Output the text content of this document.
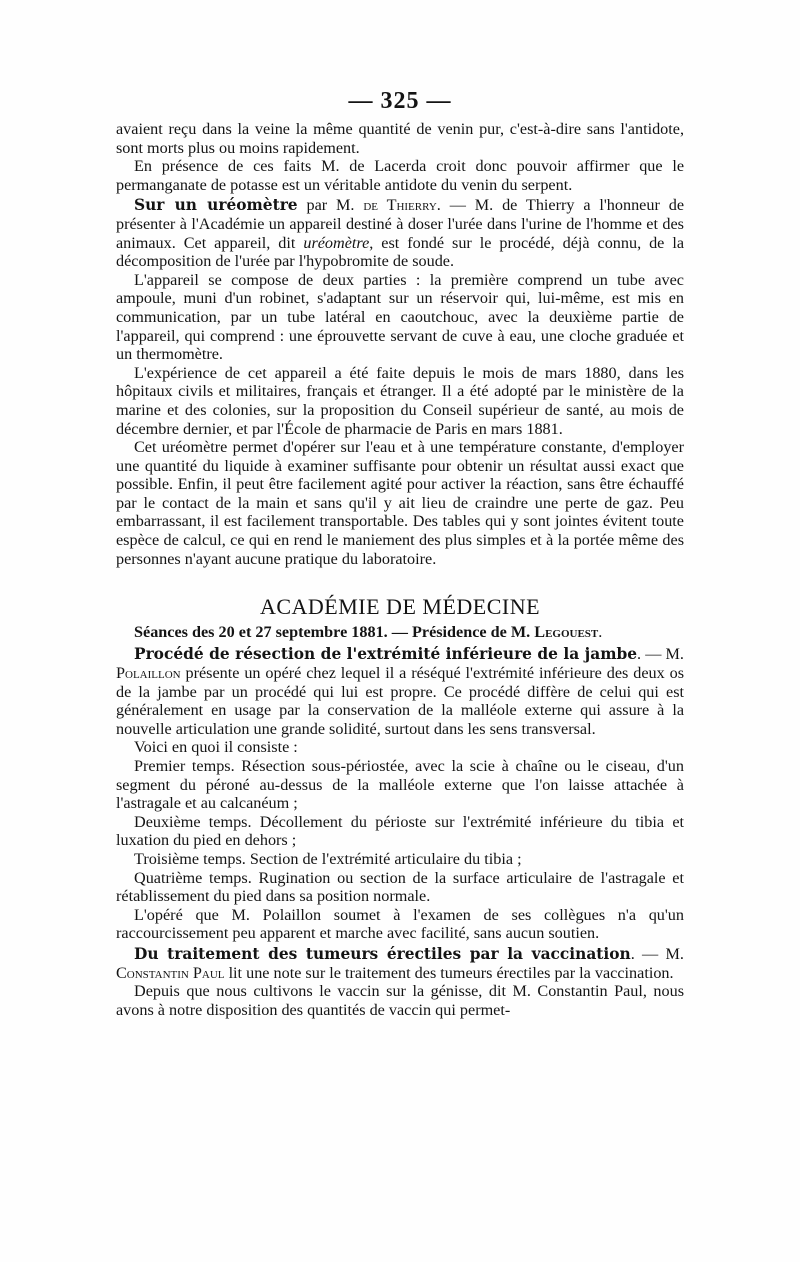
— 325 —

avaient reçu dans la veine la même quantité de venin pur, c'est-à-dire sans l'antidote, sont morts plus ou moins rapidement.

En présence de ces faits M. de Lacerda croit donc pouvoir affirmer que le permanganate de potasse est un véritable antidote du venin du serpent.

Sur un uréomètre par M. de Thierry. — M. de Thierry a l'honneur de présenter à l'Académie un appareil destiné à doser l'urée dans l'urine de l'homme et des animaux. Cet appareil, dit uréomètre, est fondé sur le procédé, déjà connu, de la décomposition de l'urée par l'hypobromite de soude.

L'appareil se compose de deux parties : la première comprend un tube avec ampoule, muni d'un robinet, s'adaptant sur un réservoir qui, lui-même, est mis en communication, par un tube latéral en caoutchouc, avec la deuxième partie de l'appareil, qui comprend : une éprouvette servant de cuve à eau, une cloche graduée et un thermomètre.

L'expérience de cet appareil a été faite depuis le mois de mars 1880, dans les hôpitaux civils et militaires, français et étranger. Il a été adopté par le ministère de la marine et des colonies, sur la proposition du Conseil supérieur de santé, au mois de décembre dernier, et par l'École de pharmacie de Paris en mars 1881.

Cet uréomètre permet d'opérer sur l'eau et à une température constante, d'employer une quantité du liquide à examiner suffisante pour obtenir un résultat aussi exact que possible. Enfin, il peut être facilement agité pour activer la réaction, sans être échauffé par le contact de la main et sans qu'il y ait lieu de craindre une perte de gaz. Peu embarrassant, il est facilement transportable. Des tables qui y sont jointes évitent toute espèce de calcul, ce qui en rend le maniement des plus simples et à la portée même des personnes n'ayant aucune pratique du laboratoire.

ACADÉMIE DE MÉDECINE

Séances des 20 et 27 septembre 1881. — Présidence de M. Legouest.

Procédé de résection de l'extrémité inférieure de la jambe. — M. Polaillon présente un opéré chez lequel il a réséqué l'extrémité inférieure des deux os de la jambe par un procédé qui lui est propre. Ce procédé diffère de celui qui est généralement en usage par la conservation de la malléole externe qui assure à la nouvelle articulation une grande solidité, surtout dans les sens transversal.

Voici en quoi il consiste :

Premier temps. Résection sous-périostée, avec la scie à chaîne ou le ciseau, d'un segment du péroné au-dessus de la malléole externe que l'on laisse attachée à l'astragale et au calcanéum ;

Deuxième temps. Décollement du périoste sur l'extrémité inférieure du tibia et luxation du pied en dehors ;

Troisième temps. Section de l'extrémité articulaire du tibia ;

Quatrième temps. Rugination ou section de la surface articulaire de l'astragale et rétablissement du pied dans sa position normale.

L'opéré que M. Polaillon soumet à l'examen de ses collègues n'a qu'un raccourcissement peu apparent et marche avec facilité, sans aucun soutien.

Du traitement des tumeurs érectiles par la vaccination. — M. Constantin Paul lit une note sur le traitement des tumeurs érectiles par la vaccination.

Depuis que nous cultivons le vaccin sur la génisse, dit M. Constantin Paul, nous avons à notre disposition des quantités de vaccin qui permet-
